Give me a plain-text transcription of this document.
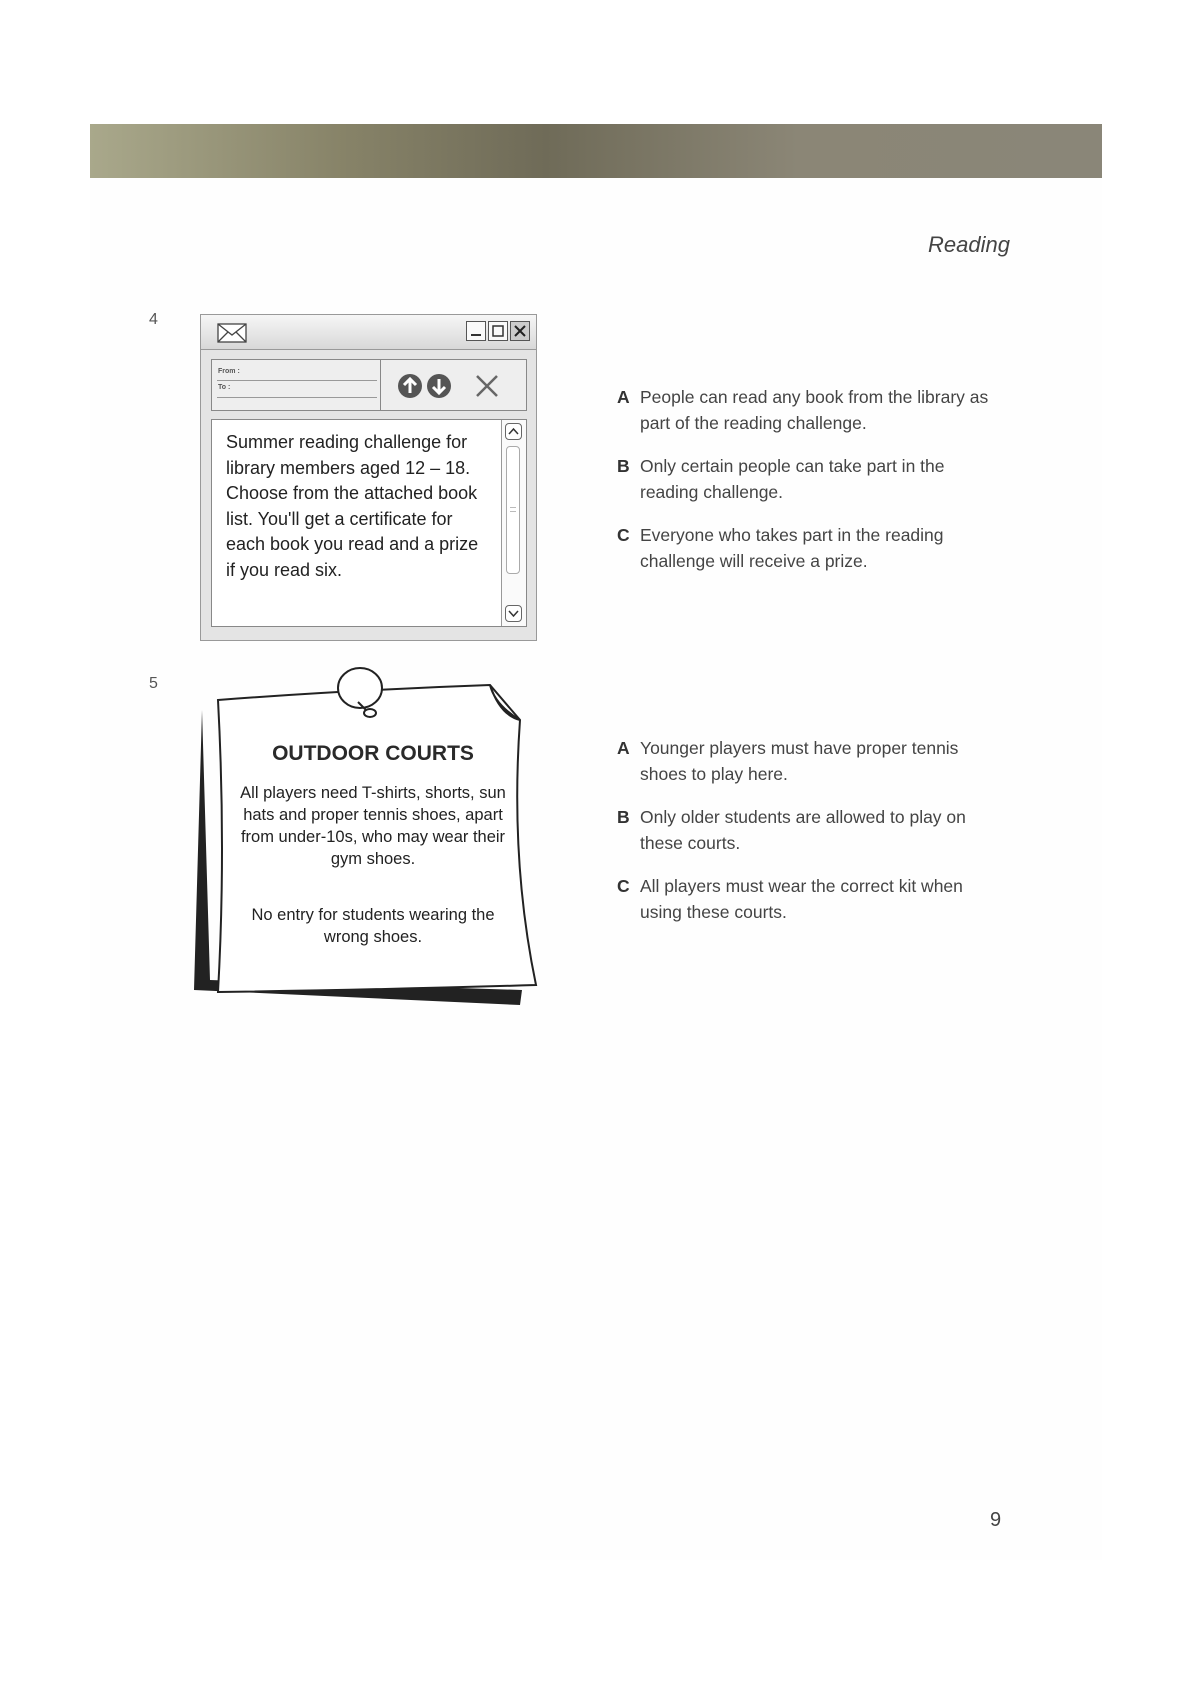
Reading
4
From :
To :
Summer reading challenge for library members aged 12 – 18. Choose from the attached book list. You'll get a certificate for each book you read and a prize if you read six.
A People can read any book from the library as part of the reading challenge.
B Only certain people can take part in the reading challenge.
C Everyone who takes part in the reading challenge will receive a prize.
5
OUTDOOR COURTS
All players need T-shirts, shorts, sun hats and proper tennis shoes, apart from under-10s, who may wear their gym shoes.
No entry for students wearing the wrong shoes.
A Younger players must have proper tennis shoes to play here.
B Only older students are allowed to play on these courts.
C All players must wear the correct kit when using these courts.
9
